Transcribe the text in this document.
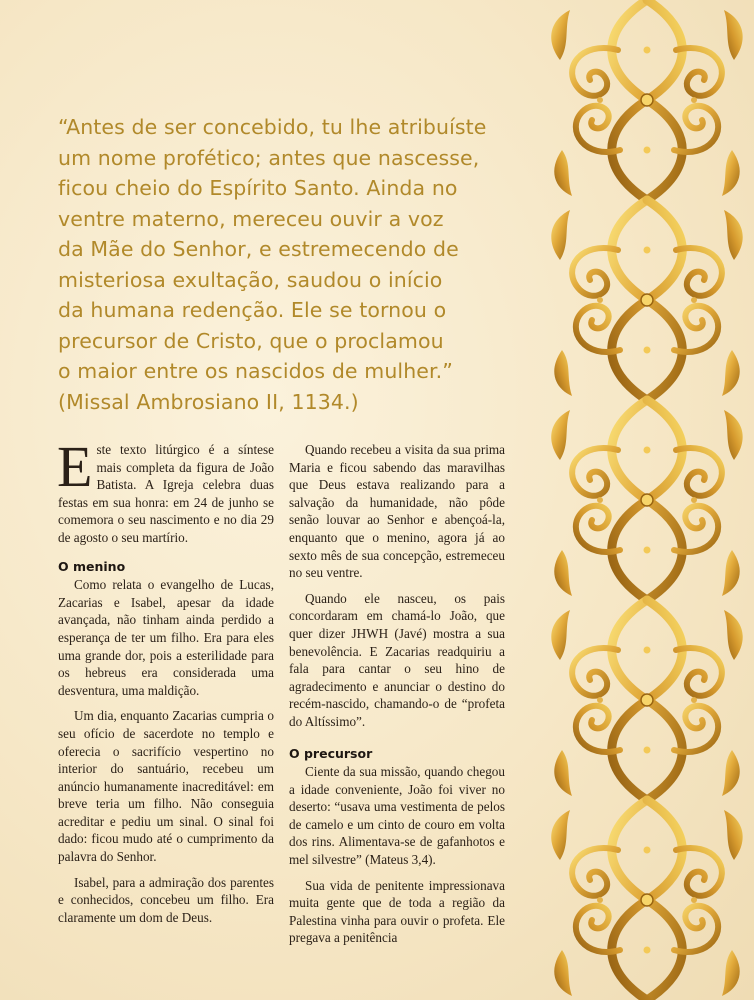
“Antes de ser concebido, tu lhe atribuíste
um nome profético; antes que nascesse,
ficou cheio do Espírito Santo. Ainda no
ventre materno, mereceu ouvir a voz
da Mãe do Senhor, e estremecendo de
misteriosa exultação, saudou o início
da humana redenção. Ele se tornou o
precursor de Cristo, que o proclamou
o maior entre os nascidos de mulher.”
(Missal Ambrosiano II, 1134.)

Este texto litúrgico é a síntese mais completa da figura de João Batista. A Igreja celebra duas festas em sua honra: em 24 de junho se comemora o seu nascimento e no dia 29 de agosto o seu martírio.

O menino

Como relata o evangelho de Lucas, Zacarias e Isabel, apesar da idade avançada, não tinham ainda perdido a esperança de ter um filho. Era para eles uma grande dor, pois a esterilidade para os hebreus era considerada uma desventura, uma maldição.

Um dia, enquanto Zacarias cumpria o seu ofício de sacerdote no templo e oferecia o sacrifício vespertino no interior do santuário, recebeu um anúncio humanamente inacreditável: em breve teria um filho. Não conseguia acreditar e pediu um sinal. O sinal foi dado: ficou mudo até o cumprimento da palavra do Senhor.

Isabel, para a admiração dos parentes e conhecidos, concebeu um filho. Era claramente um dom de Deus.

Quando recebeu a visita da sua prima Maria e ficou sabendo das maravilhas que Deus estava realizando para a salvação da humanidade, não pôde senão louvar ao Senhor e abençoá-la, enquanto que o menino, agora já ao sexto mês de sua concepção, estremeceu no seu ventre.

Quando ele nasceu, os pais concordaram em chamá-lo João, que quer dizer JHWH (Javé) mostra a sua benevolência. E Zacarias readquiriu a fala para cantar o seu hino de agradecimento e anunciar o destino do recém-nascido, chamando-o de “profeta do Altíssimo”.

O precursor

Ciente da sua missão, quando chegou a idade conveniente, João foi viver no deserto: “usava uma vestimenta de pelos de camelo e um cinto de couro em volta dos rins. Alimentava-se de gafanhotos e mel silvestre” (Mateus 3,4).

Sua vida de penitente impressionava muita gente que de toda a região da Palestina vinha para ouvir o profeta. Ele pregava a penitência
